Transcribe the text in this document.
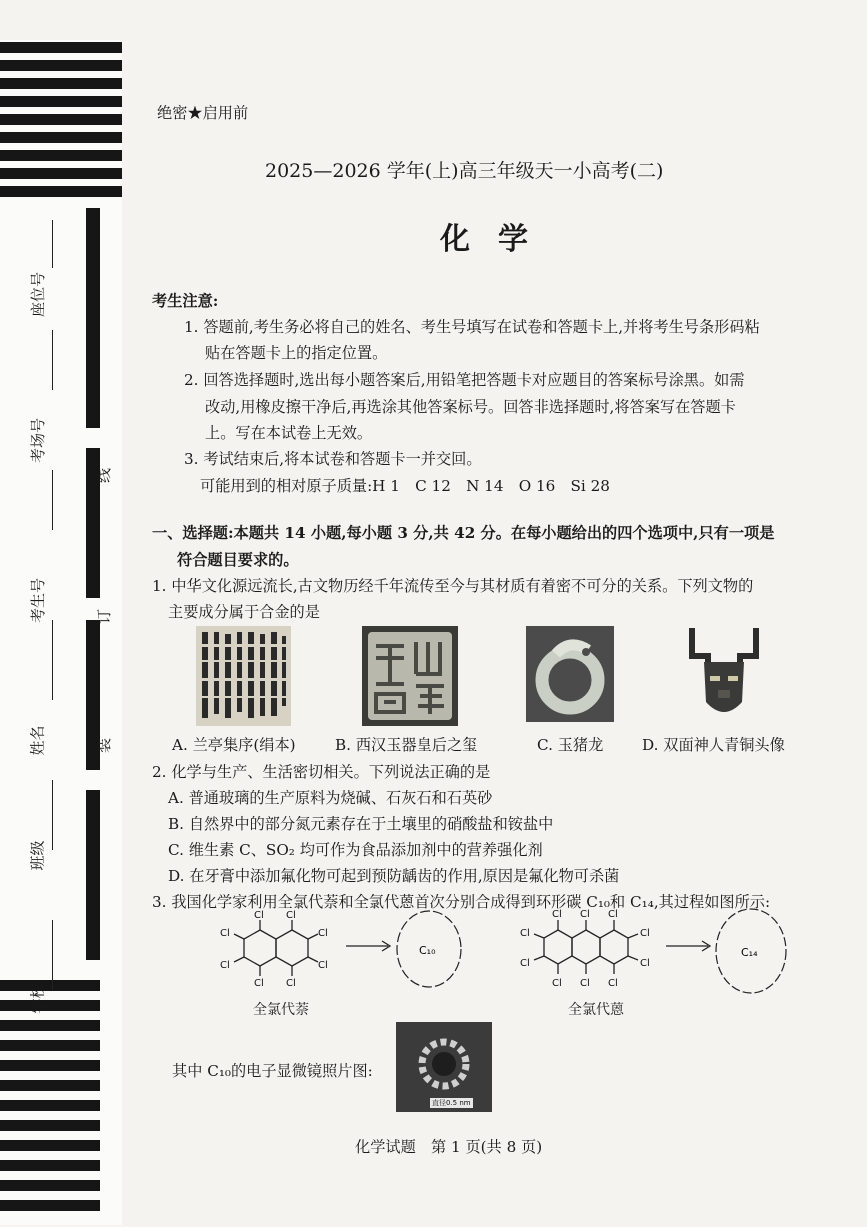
学校
班级
姓名
考生号
考场号
座位号
装
订
线
绝密★启用前
2025—2026 学年(上)高三年级天一小高考(二)
化学
考生注意:
1. 答题前,考生务必将自己的姓名、考生号填写在试卷和答题卡上,并将考生号条形码粘
贴在答题卡上的指定位置。
2. 回答选择题时,选出每小题答案后,用铅笔把答题卡对应题目的答案标号涂黑。如需
改动,用橡皮擦干净后,再选涂其他答案标号。回答非选择题时,将答案写在答题卡
上。写在本试卷上无效。
3. 考试结束后,将本试卷和答题卡一并交回。
可能用到的相对原子质量:H 1　C 12　N 14　O 16　Si 28
一、选择题:本题共 14 小题,每小题 3 分,共 42 分。在每小题给出的四个选项中,只有一项是
符合题目要求的。
1. 中华文化源远流长,古文物历经千年流传至今与其材质有着密不可分的关系。下列文物的
主要成分属于合金的是
A. 兰亭集序(绢本)	B. 西汉玉器皇后之玺	C. 玉猪龙	D. 双面神人青铜头像
2. 化学与生产、生活密切相关。下列说法正确的是
A. 普通玻璃的生产原料为烧碱、石灰石和石英砂
B. 自然界中的部分氮元素存在于土壤里的硝酸盐和铵盐中
C. 维生素 C、SO₂ 均可作为食品添加剂中的营养强化剂
D. 在牙膏中添加氟化物可起到预防龋齿的作用,原因是氟化物可杀菌
3. 我国化学家利用全氯代萘和全氯代蒽首次分别合成得到环形碳 C₁₀和 C₁₄,其过程如图所示:
Cl
Cl
Cl
Cl
Cl
Cl
Cl
Cl
C₁₀
Cl Cl Cl
Cl
Cl
Cl
Cl
Cl Cl Cl
C₁₄
全氯代萘	全氯代蒽
其中 C₁₀的电子显微镜照片图:
直径0.5 nm
化学试题　第 1 页(共 8 页)
